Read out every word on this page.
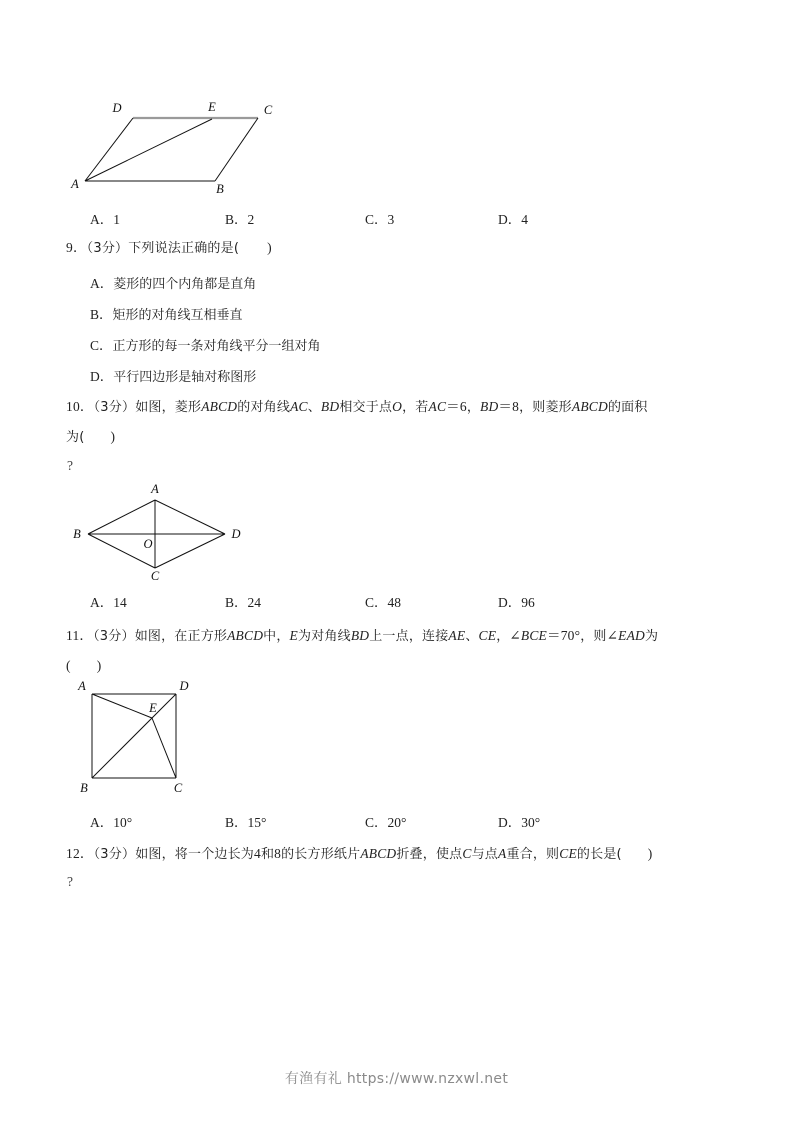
D	E	C
A	B
A．1	B．2	C．3	D．4
9．（3分）下列说法正确的是( )
A．菱形的四个内角都是直角
B．矩形的对角线互相垂直
C．正方形的每一条对角线平分一组对角
D．平行四边形是轴对称图形
10．（3分）如图，菱形ABCD的对角线AC、BD相交于点O，若AC＝6，BD＝8，则菱形ABCD的面积
为( )
?
A
B	D
C
O
A．14	B．24	C．48	D．96
11．（3分）如图，在正方形ABCD中，E为对角线BD上一点，连接AE、CE，∠BCE＝70°，则∠EAD为
( )
A	D
E
B	C
A．10°	B．15°	C．20°	D．30°
12．（3分）如图，将一个边长为4和8的长方形纸片ABCD折叠，使点C与点A重合，则CE的长是( )
?
有渔有礼 https://www.nzxwl.net
